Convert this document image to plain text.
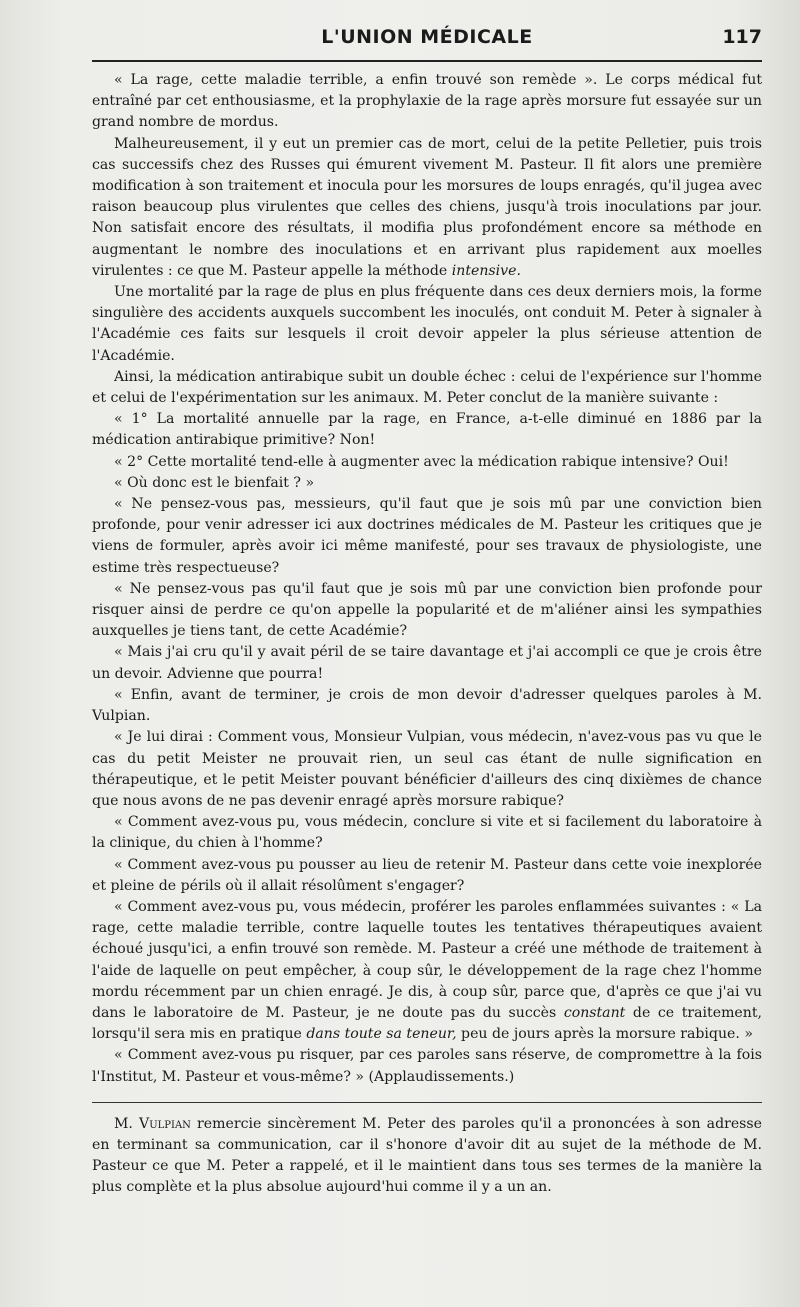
L'UNION MÉDICALE	117

« La rage, cette maladie terrible, a enfin trouvé son remède ». Le corps médical fut entraîné par cet enthousiasme, et la prophylaxie de la rage après morsure fut essayée sur un grand nombre de mordus.

Malheureusement, il y eut un premier cas de mort, celui de la petite Pelletier, puis trois cas successifs chez des Russes qui émurent vivement M. Pasteur. Il fit alors une première modification à son traitement et inocula pour les morsures de loups enragés, qu'il jugea avec raison beaucoup plus virulentes que celles des chiens, jusqu'à trois inoculations par jour. Non satisfait encore des résultats, il modifia plus profondément encore sa méthode en augmentant le nombre des inoculations et en arrivant plus rapidement aux moelles virulentes : ce que M. Pasteur appelle la méthode intensive.

Une mortalité par la rage de plus en plus fréquente dans ces deux derniers mois, la forme singulière des accidents auxquels succombent les inoculés, ont conduit M. Peter à signaler à l'Académie ces faits sur lesquels il croit devoir appeler la plus sérieuse attention de l'Académie.

Ainsi, la médication antirabique subit un double échec : celui de l'expérience sur l'homme et celui de l'expérimentation sur les animaux. M. Peter conclut de la manière suivante :

« 1° La mortalité annuelle par la rage, en France, a-t-elle diminué en 1886 par la médication antirabique primitive? Non!

« 2° Cette mortalité tend-elle à augmenter avec la médication rabique intensive? Oui!

« Où donc est le bienfait ? »

« Ne pensez-vous pas, messieurs, qu'il faut que je sois mû par une conviction bien profonde, pour venir adresser ici aux doctrines médicales de M. Pasteur les critiques que je viens de formuler, après avoir ici même manifesté, pour ses travaux de physiologiste, une estime très respectueuse?

« Ne pensez-vous pas qu'il faut que je sois mû par une conviction bien profonde pour risquer ainsi de perdre ce qu'on appelle la popularité et de m'aliéner ainsi les sympathies auxquelles je tiens tant, de cette Académie?

« Mais j'ai cru qu'il y avait péril de se taire davantage et j'ai accompli ce que je crois être un devoir. Advienne que pourra!

« Enfin, avant de terminer, je crois de mon devoir d'adresser quelques paroles à M. Vulpian.

« Je lui dirai : Comment vous, Monsieur Vulpian, vous médecin, n'avez-vous pas vu que le cas du petit Meister ne prouvait rien, un seul cas étant de nulle signification en thérapeutique, et le petit Meister pouvant bénéficier d'ailleurs des cinq dixièmes de chance que nous avons de ne pas devenir enragé après morsure rabique?

« Comment avez-vous pu, vous médecin, conclure si vite et si facilement du laboratoire à la clinique, du chien à l'homme?

« Comment avez-vous pu pousser au lieu de retenir M. Pasteur dans cette voie inexplorée et pleine de périls où il allait résolûment s'engager?

« Comment avez-vous pu, vous médecin, proférer les paroles enflammées suivantes : « La rage, cette maladie terrible, contre laquelle toutes les tentatives thérapeutiques avaient échoué jusqu'ici, a enfin trouvé son remède. M. Pasteur a créé une méthode de traitement à l'aide de laquelle on peut empêcher, à coup sûr, le développement de la rage chez l'homme mordu récemment par un chien enragé. Je dis, à coup sûr, parce que, d'après ce que j'ai vu dans le laboratoire de M. Pasteur, je ne doute pas du succès constant de ce traitement, lorsqu'il sera mis en pratique dans toute sa teneur, peu de jours après la morsure rabique. »

« Comment avez-vous pu risquer, par ces paroles sans réserve, de compromettre à la fois l'Institut, M. Pasteur et vous-même? » (Applaudissements.)

M. Vulpian remercie sincèrement M. Peter des paroles qu'il a prononcées à son adresse en terminant sa communication, car il s'honore d'avoir dit au sujet de la méthode de M. Pasteur ce que M. Peter a rappelé, et il le maintient dans tous ses termes de la manière la plus complète et la plus absolue aujourd'hui comme il y a un an.
